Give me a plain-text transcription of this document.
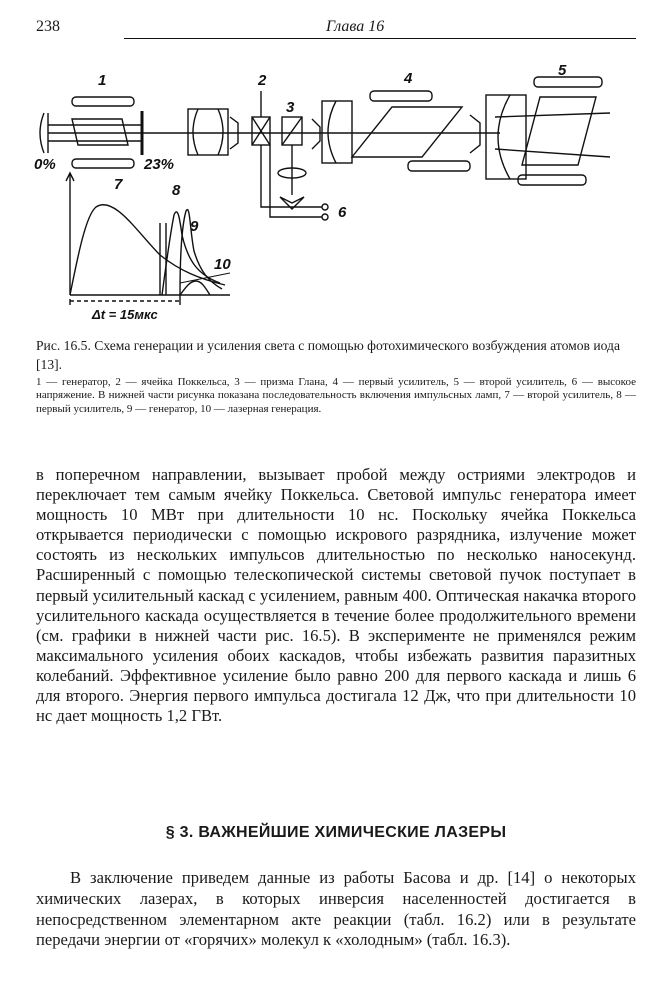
238	Глава 16
1	2
3
4	5
6
7	8
9
10
0%	23%
Δt = 15мкс
Рис. 16.5. Схема генерации и усиления света с помощью фотохимического возбуждения атомов иода [13].
1 — генератор, 2 — ячейка Поккельса, 3 — призма Глана, 4 — первый усилитель, 5 — второй усилитель, 6 — высокое напряжение. В нижней части рисунка показана последовательность включения импульсных ламп, 7 — второй усилитель, 8 — первый усилитель, 9 — генератор, 10 — лазерная генерация.

в поперечном направлении, вызывает пробой между остриями электродов и переключает тем самым ячейку Поккельса. Световой импульс генератора имеет мощность 10 МВт при длительности 10 нс. Поскольку ячейка Поккельса открывается периодически с помощью искрового разрядника, излучение может состоять из нескольких импульсов длительностью по несколько наносекунд. Расширенный с помощью телескопической системы световой пучок поступает в первый усилительный каскад с усилением, равным 400. Оптическая накачка второго усилительного каскада осуществляется в течение более продолжительного времени (см. графики в нижней части рис. 16.5). В эксперименте не применялся режим максимального усиления обоих каскадов, чтобы избежать развития паразитных колебаний. Эффективное усиление было равно 200 для первого каскада и лишь 6 для второго. Энергия первого импульса достигала 12 Дж, что при длительности 10 нс дает мощность 1,2 ГВт.

§ 3. ВАЖНЕЙШИЕ ХИМИЧЕСКИЕ ЛАЗЕРЫ

В заключение приведем данные из работы Басова и др. [14] о некоторых химических лазерах, в которых инверсия населенностей достигается в непосредственном элементарном акте реакции (табл. 16.2) или в результате передачи энергии от «горячих» молекул к «холодным» (табл. 16.3).
